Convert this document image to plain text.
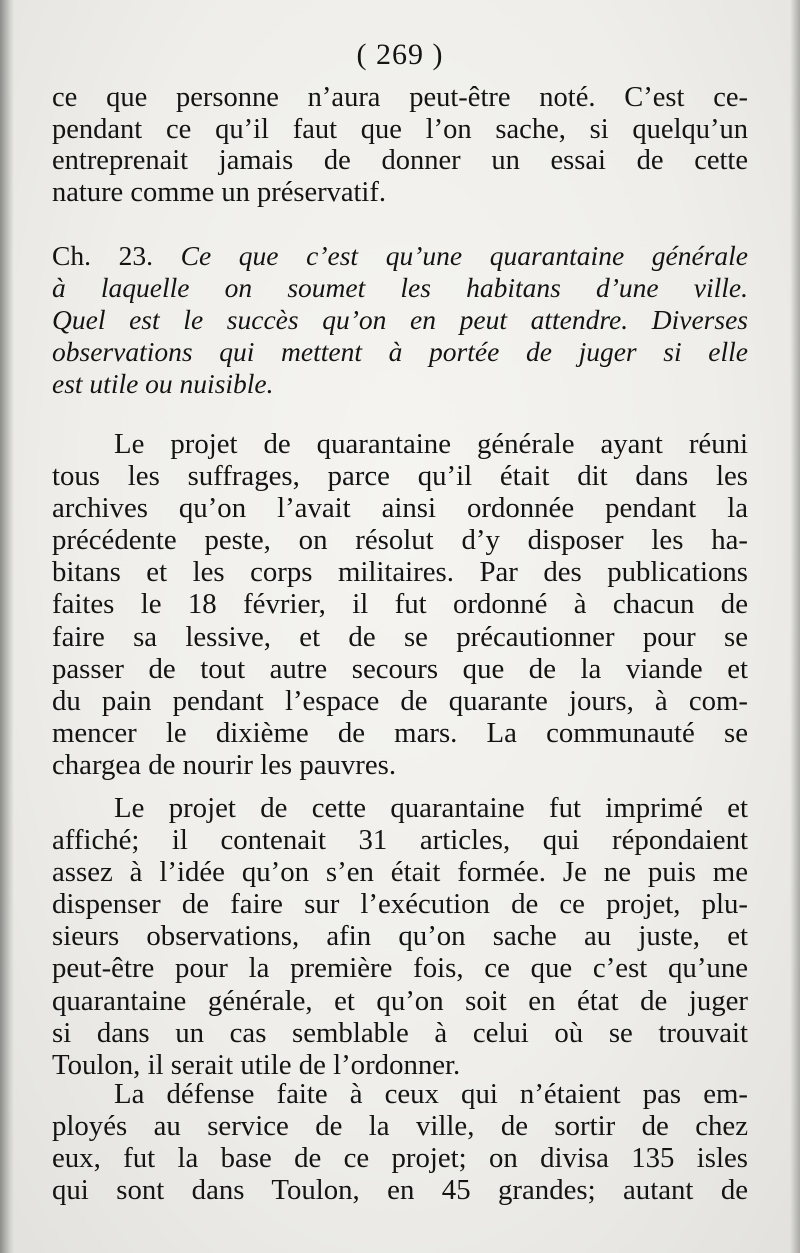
( 269 )
ce que personne n’aura peut-être noté. C’est ce-
pendant ce qu’il faut que l’on sache, si quelqu’un
entreprenait jamais de donner un essai de cette
nature comme un préservatif.
Ch. 23. Ce que c’est qu’une quarantaine générale
à laquelle on soumet les habitans d’une ville.
Quel est le succès qu’on en peut attendre. Diverses
observations qui mettent à portée de juger si elle
est utile ou nuisible.
Le projet de quarantaine générale ayant réuni
tous les suffrages, parce qu’il était dit dans les
archives qu’on l’avait ainsi ordonnée pendant la
précédente peste, on résolut d’y disposer les ha-
bitans et les corps militaires. Par des publications
faites le 18 février, il fut ordonné à chacun de
faire sa lessive, et de se précautionner pour se
passer de tout autre secours que de la viande et
du pain pendant l’espace de quarante jours, à com-
mencer le dixième de mars. La communauté se
chargea de nourir les pauvres.
Le projet de cette quarantaine fut imprimé et
affiché; il contenait 31 articles, qui répondaient
assez à l’idée qu’on s’en était formée. Je ne puis me
dispenser de faire sur l’exécution de ce projet, plu-
sieurs observations, afin qu’on sache au juste, et
peut-être pour la première fois, ce que c’est qu’une
quarantaine générale, et qu’on soit en état de juger
si dans un cas semblable à celui où se trouvait
Toulon, il serait utile de l’ordonner.
La défense faite à ceux qui n’étaient pas em-
ployés au service de la ville, de sortir de chez
eux, fut la base de ce projet; on divisa 135 isles
qui sont dans Toulon, en 45 grandes; autant de
